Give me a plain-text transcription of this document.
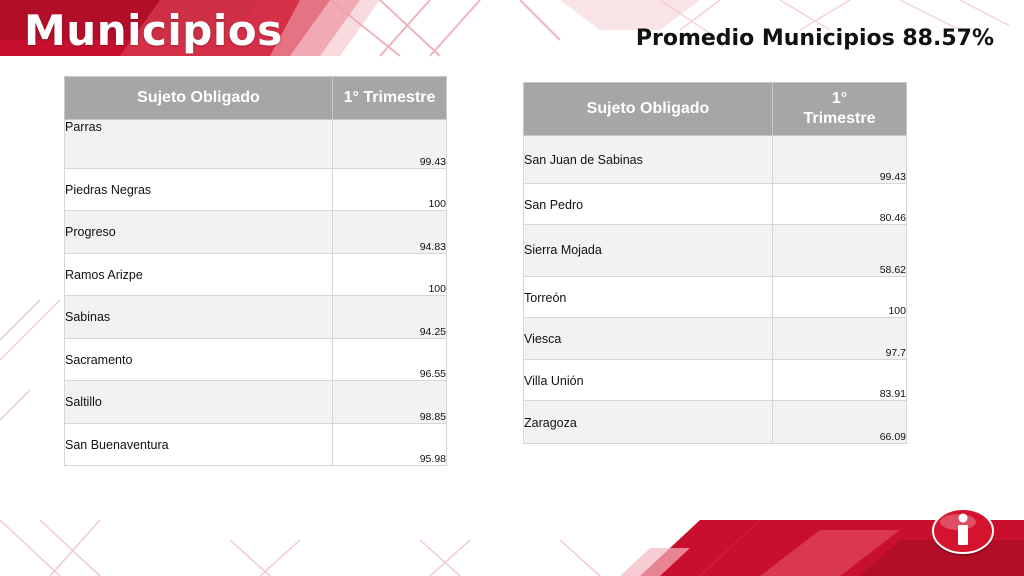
Municipios	Promedio Municipios 88.57%
Sujeto Obligado	1° Trimestre
Parras	99.43
Piedras Negras	100
Progreso	94.83
Ramos Arizpe	100
Sabinas	94.25
Sacramento	96.55
Saltillo	98.85
San Buenaventura	95.98
Sujeto Obligado	1° Trimestre
San Juan de Sabinas	99.43
San Pedro	80.46
Sierra Mojada	58.62
Torreón	100
Viesca	97.7
Villa Unión	83.91
Zaragoza	66.09
